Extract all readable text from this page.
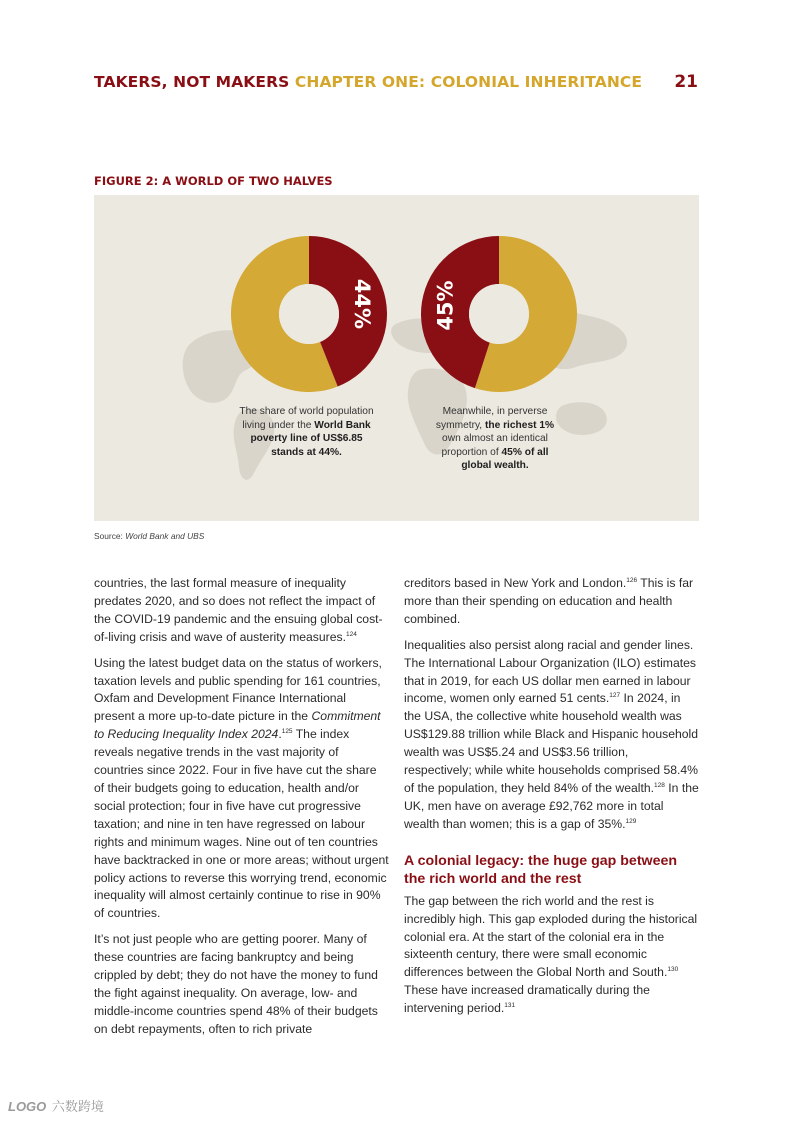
TAKERS, NOT MAKERS CHAPTER ONE: COLONIAL INHERITANCE 21
FIGURE 2: A WORLD OF TWO HALVES
44%	45%
The share of world population living under the World Bank poverty line of US$6.85 stands at 44%.
Meanwhile, in perverse symmetry, the richest 1% own almost an identical proportion of 45% of all global wealth.
Source: World Bank and UBS

countries, the last formal measure of inequality predates 2020, and so does not reflect the impact of the COVID-19 pandemic and the ensuing global cost-of-living crisis and wave of austerity measures.$^{124}$

Using the latest budget data on the status of workers, taxation levels and public spending for 161 countries, Oxfam and Development Finance International present a more up-to-date picture in the Commitment to Reducing Inequality Index 2024.$^{125}$ The index reveals negative trends in the vast majority of countries since 2022. Four in five have cut the share of their budgets going to education, health and/or social protection; four in five have cut progressive taxation; and nine in ten have regressed on labour rights and minimum wages. Nine out of ten countries have backtracked in one or more areas; without urgent policy actions to reverse this worrying trend, economic inequality will almost certainly continue to rise in 90% of countries.

It’s not just people who are getting poorer. Many of these countries are facing bankruptcy and being crippled by debt; they do not have the money to fund the fight against inequality. On average, low- and middle-income countries spend 48% of their budgets on debt repayments, often to rich private

creditors based in New York and London.$^{126}$ This is far more than their spending on education and health combined.

Inequalities also persist along racial and gender lines. The International Labour Organization (ILO) estimates that in 2019, for each US dollar men earned in labour income, women only earned 51 cents.$^{127}$ In 2024, in the USA, the collective white household wealth was US$129.88 trillion while Black and Hispanic household wealth was US$5.24 and US$3.56 trillion, respectively; while white households comprised 58.4% of the population, they held 84% of the wealth.$^{128}$ In the UK, men have on average £92,762 more in total wealth than women; this is a gap of 35%.$^{129}$

A colonial legacy: the huge gap between the rich world and the rest

The gap between the rich world and the rest is incredibly high. This gap exploded during the historical colonial era. At the start of the colonial era in the sixteenth century, there were small economic differences between the Global North and South.$^{130}$ These have increased dramatically during the intervening period.$^{131}$

LOGO 六数跨境
